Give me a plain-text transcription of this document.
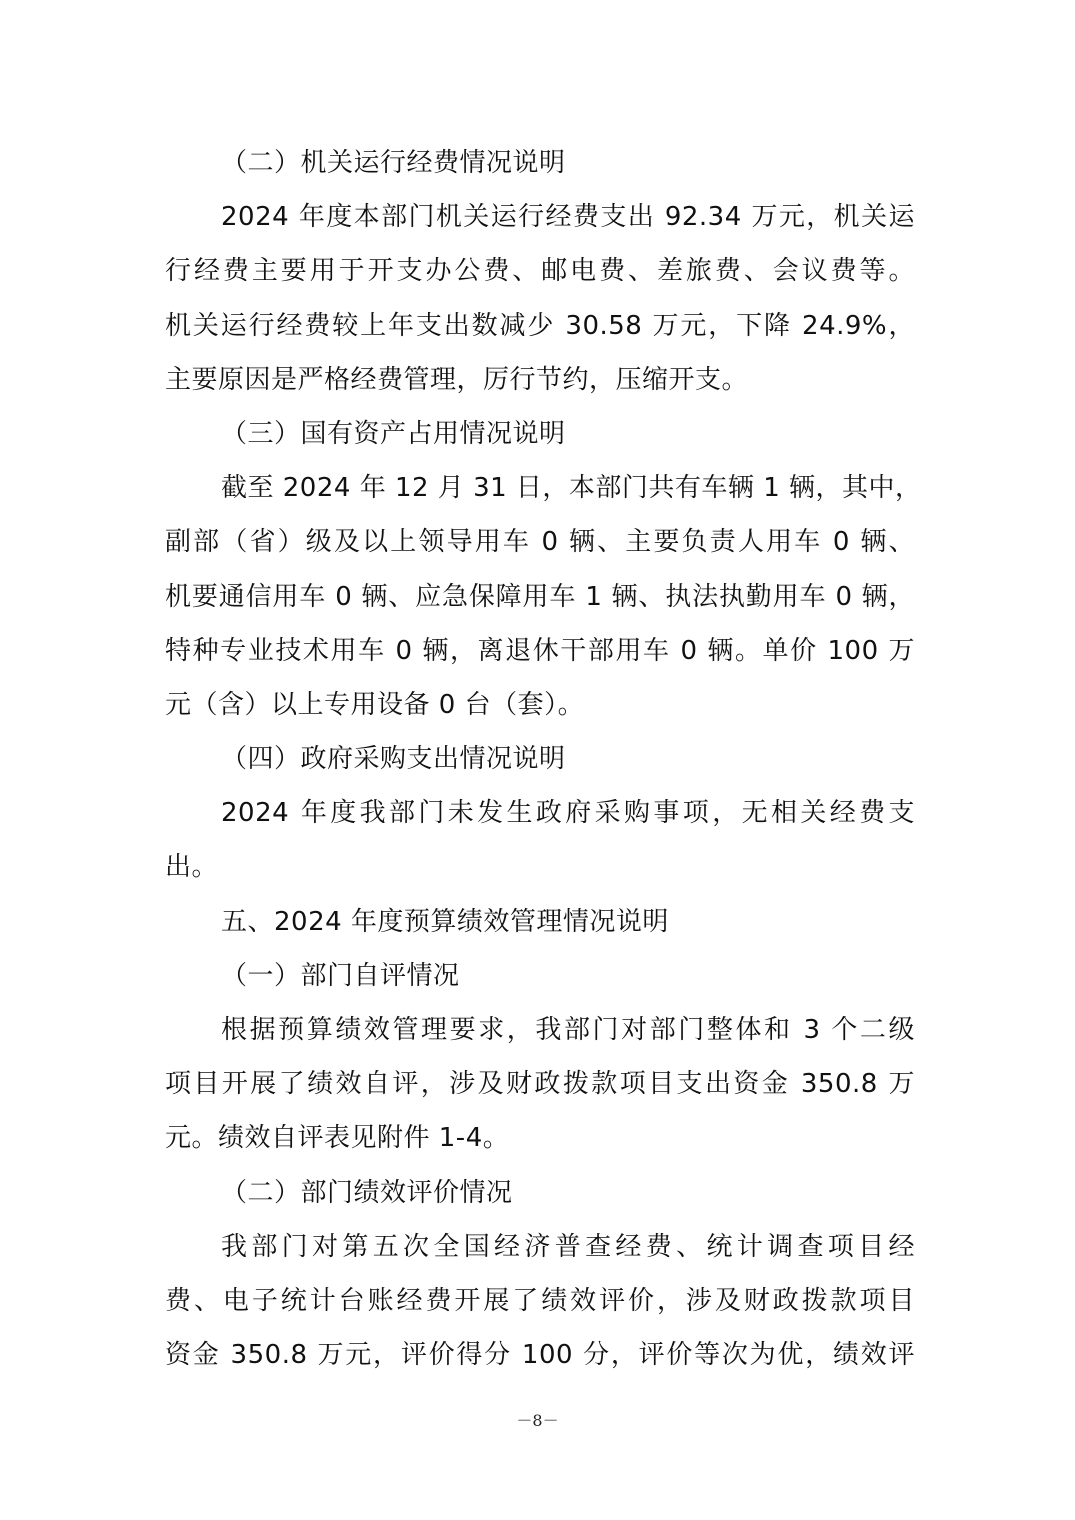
（二）机关运行经费情况说明
2024 年度本部门机关运行经费支出 92.34 万元，机关运
行经费主要用于开支办公费、邮电费、差旅费、会议费等。
机关运行经费较上年支出数减少 30.58 万元，下降 24.9%，
主要原因是严格经费管理，厉行节约，压缩开支。
（三）国有资产占用情况说明
截至 2024 年 12 月 31 日，本部门共有车辆 1 辆，其中，
副部（省）级及以上领导用车 0 辆、主要负责人用车 0 辆、
机要通信用车 0 辆、应急保障用车 1 辆、执法执勤用车 0 辆，
特种专业技术用车 0 辆，离退休干部用车 0 辆。单价 100 万
元（含）以上专用设备 0 台（套）。
（四）政府采购支出情况说明
2024 年度我部门未发生政府采购事项，无相关经费支
出。
五、2024 年度预算绩效管理情况说明
（一）部门自评情况
根据预算绩效管理要求，我部门对部门整体和 3 个二级
项目开展了绩效自评，涉及财政拨款项目支出资金 350.8 万
元。绩效自评表见附件 1-4。
（二）部门绩效评价情况
我部门对第五次全国经济普查经费、统计调查项目经
费、电子统计台账经费开展了绩效评价，涉及财政拨款项目
资金 350.8 万元，评价得分 100 分，评价等次为优，绩效评
－8－
